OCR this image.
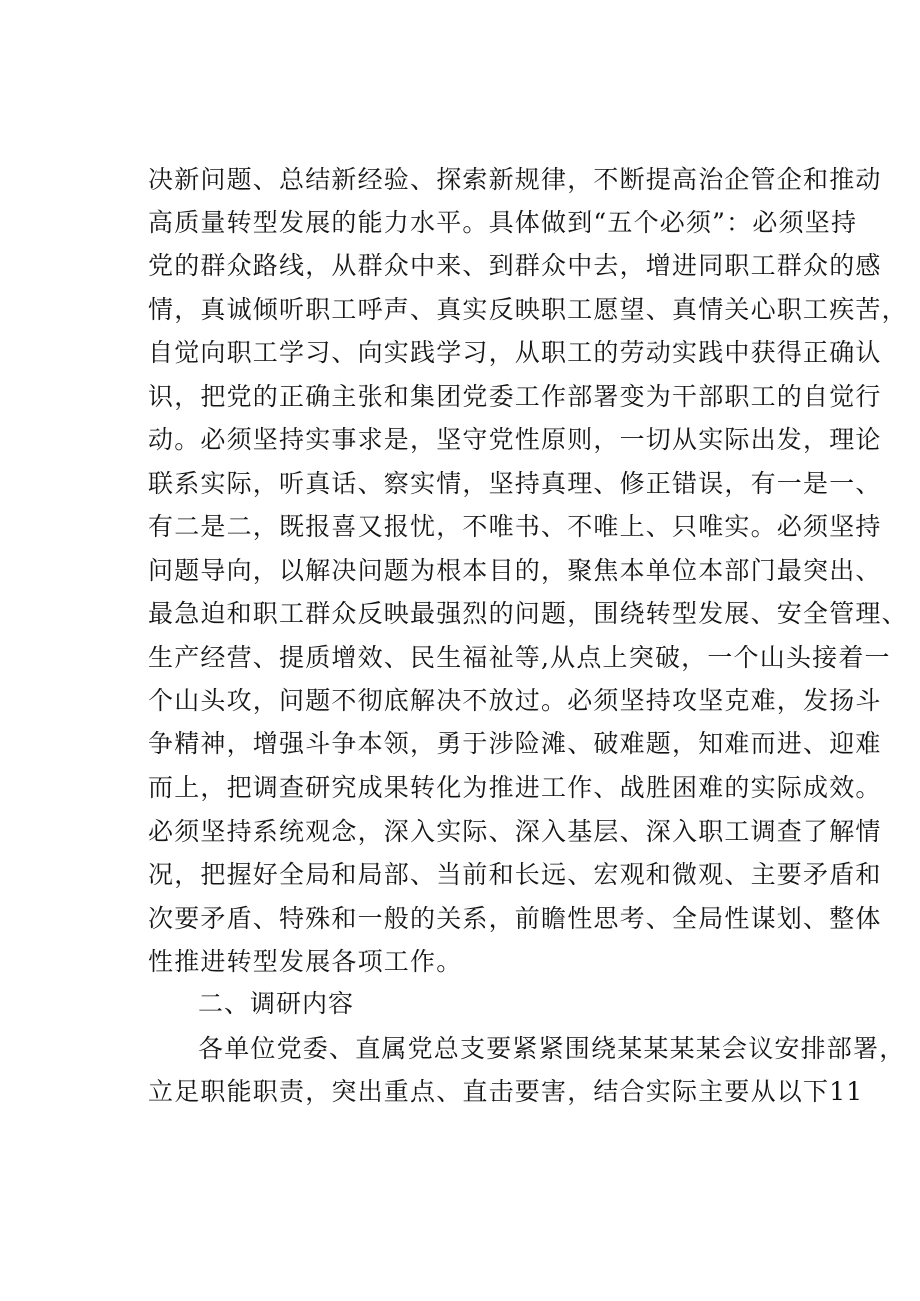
决新问题、总结新经验、探索新规律，不断提高治企管企和推动
高质量转型发展的能力水平。具体做到“五个必须”：必须坚持
党的群众路线，从群众中来、到群众中去，增进同职工群众的感
情，真诚倾听职工呼声、真实反映职工愿望、真情关心职工疾苦，
自觉向职工学习、向实践学习，从职工的劳动实践中获得正确认
识，把党的正确主张和集团党委工作部署变为干部职工的自觉行
动。必须坚持实事求是，坚守党性原则，一切从实际出发，理论
联系实际，听真话、察实情，坚持真理、修正错误，有一是一、
有二是二，既报喜又报忧，不唯书、不唯上、只唯实。必须坚持
问题导向，以解决问题为根本目的，聚焦本单位本部门最突出、
最急迫和职工群众反映最强烈的问题，围绕转型发展、安全管理、
生产经营、提质增效、民生福祉等,从点上突破，一个山头接着一
个山头攻，问题不彻底解决不放过。必须坚持攻坚克难，发扬斗
争精神，增强斗争本领，勇于涉险滩、破难题，知难而进、迎难
而上，把调查研究成果转化为推进工作、战胜困难的实际成效。
必须坚持系统观念，深入实际、深入基层、深入职工调查了解情
况，把握好全局和局部、当前和长远、宏观和微观、主要矛盾和
次要矛盾、特殊和一般的关系，前瞻性思考、全局性谋划、整体
性推进转型发展各项工作。
二、调研内容
各单位党委、直属党总支要紧紧围绕某某某某会议安排部署，
立足职能职责，突出重点、直击要害，结合实际主要从以下11
